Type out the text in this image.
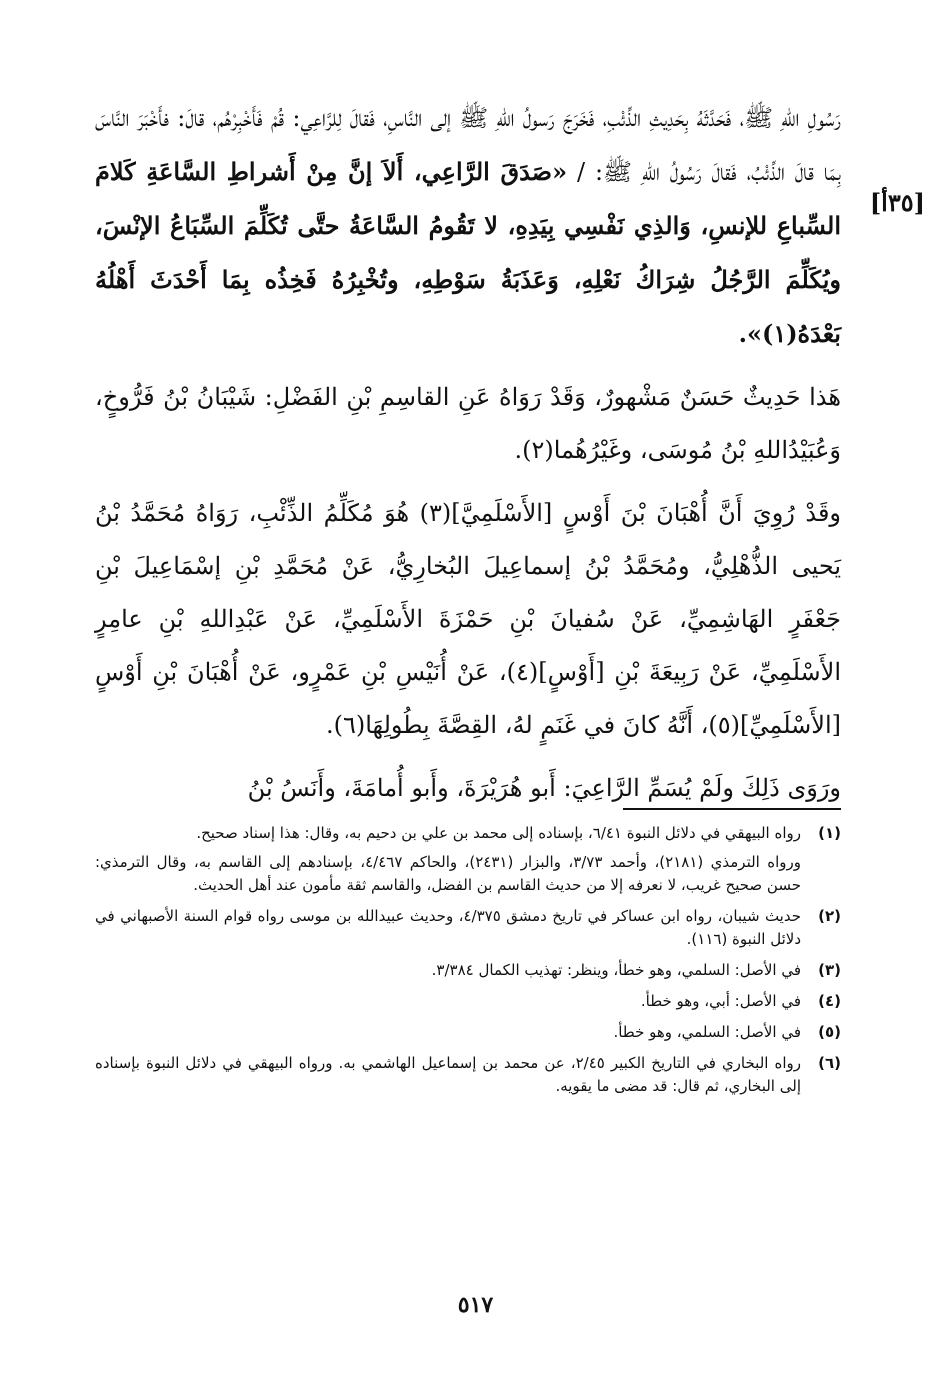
رَسُولِ اللهِ ﷺ، فَحَدَّثَهُ بِحَدِيثِ الذِّئْبِ، فَخَرَجَ رَسولُ اللهِ ﷺ إلى النَّاسِ، فَقالَ لِلرَّاعِي: قُمْ فَأَخْبِرْهُم، قالَ: فأَخْبَرَ النَّاسَ بِمَا قالَ الذِّئْبُ، فَقالَ رَسُولُ اللهِ ﷺ: / «صَدَقَ الرَّاعِي، أَلاَ إنَّ مِنْ أَشراطِ السَّاعَةِ كَلامَ السِّباعِ للإنسِ، وَالذِي نَفْسِي بِيَدِهِ، لا تَقُومُ السَّاعَةُ حتَّى تُكَلِّمَ السِّبَاعُ الإنْسَ، ويُكَلِّمَ الرَّجُلُ شِرَاكُ نَعْلِهِ، وَعَذَبَةُ سَوْطِهِ، وتُخْبِرُهُ فَخِذُه بِمَا أَحْدَثَ أَهْلُهُ بَعْدَهُ(١)».

هَذا حَدِيثٌ حَسَنٌ مَشْهورٌ، وَقَدْ رَوَاهُ عَنِ القاسِمِ بْنِ الفَضْلِ: شَيْبَانُ بْنُ فَرُّوخٍ، وَعُبَيْدُاللهِ بْنُ مُوسَى، وغَيْرُهُما(٢).

وقَدْ رُوِيَ أَنَّ أُهْبَانَ بْنَ أَوْسٍ [الأَسْلَمِيَّ](٣) هُوَ مُكَلِّمُ الذِّئْبِ، رَوَاهُ مُحَمَّدُ بْنُ يَحيى الذُّهْلِيُّ، ومُحَمَّدُ بْنُ إسماعِيلَ البُخارِيُّ، عَنْ مُحَمَّدِ بْنِ إسْمَاعِيلَ بْنِ جَعْفَرٍ الهَاشِمِيِّ، عَنْ سُفيانَ بْنِ حَمْزَةَ الأَسْلَمِيِّ، عَنْ عَبْدِاللهِ بْنِ عامِرٍ الأَسْلَمِيِّ، عَنْ رَبِيعَةَ بْنِ [أَوْسٍ](٤)، عَنْ أُنَيْسِ بْنِ عَمْرٍو، عَنْ أُهْبَانَ بْنِ أَوْسٍ [الأَسْلَمِيِّ](٥)، أَنَّهُ كانَ في غَنَمٍ لهُ، القِصَّةَ بِطُولِهَا(٦).

ورَوَى ذَلِكَ ولَمْ يُسَمِّ الرَّاعِيَ: أَبو هُرَيْرَةَ، وأَبو أُمامَةَ، وأَنَسُ بْنُ

[٣٥أ]
(١)
رواه البيهقي في دلائل النبوة ٦/٤١، بإسناده إلى محمد بن علي بن دحيم به، وقال: هذا إسناد صحيح.
ورواه الترمذي (٢١٨١)، وأحمد ٣/٧٣، والبزار (٢٤٣١)، والحاكم ٤/٤٦٧، بإسنادهم إلى القاسم به، وقال الترمذي: حسن صحيح غريب، لا نعرفه إلا من حديث القاسم بن الفضل، والقاسم ثقة مأمون عند أهل الحديث.
(٢)
حديث شيبان، رواه ابن عساكر في تاريخ دمشق ٤/٣٧٥، وحديث عبيدالله بن موسى رواه قوام السنة الأصبهاني في دلائل النبوة (١١٦).
(٣)
في الأصل: السلمي، وهو خطأ، وينظر: تهذيب الكمال ٣/٣٨٤.
(٤)
في الأصل: أبي، وهو خطأ.
(٥)
في الأصل: السلمي، وهو خطأ.
(٦)
رواه البخاري في التاريخ الكبير ٢/٤٥، عن محمد بن إسماعيل الهاشمي به. ورواه البيهقي في دلائل النبوة بإسناده إلى البخاري، ثم قال: قد مضى ما يقويه.
٥١٧
